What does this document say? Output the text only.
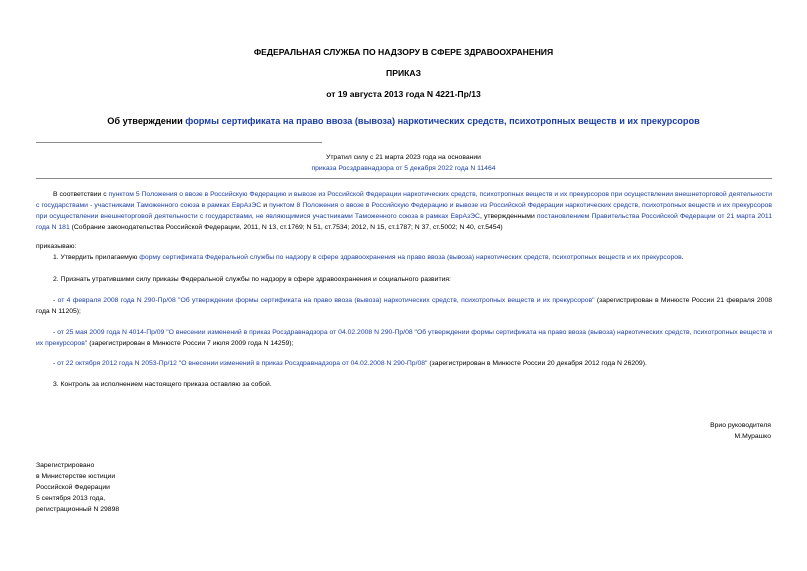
ФЕДЕРАЛЬНАЯ СЛУЖБА ПО НАДЗОРУ В СФЕРЕ ЗДРАВООХРАНЕНИЯ
ПРИКАЗ
от 19 августа 2013 года N 4221-Пр/13
Об утверждении формы сертификата на право ввоза (вывоза) наркотических средств, психотропных веществ и их прекурсоров
Утратил силу с 21 марта 2023 года на основании
приказа Росздравнадзора от 5 декабря 2022 года N 11464
В соответствии с пунктом 5 Положения о ввозе в Российскую Федерацию и вывозе из Российской Федерации наркотических средств, психотропных веществ и их прекурсоров при осуществлении внешнеторговой деятельности с государствами - участниками Таможенного союза в рамках ЕврАзЭС и пунктом 8 Положения о ввозе в Российскую Федерацию и вывозе из Российской Федерации наркотических средств, психотропных веществ и их прекурсоров при осуществлении внешнеторговой деятельности с государствами, не являющимися участниками Таможенного союза в рамках ЕврАзЭС, утвержденными постановлением Правительства Российской Федерации от 21 марта 2011 года N 181 (Собрание законодательства Российской Федерации, 2011, N 13, ст.1769; N 51, ст.7534; 2012, N 15, ст.1787; N 37, ст.5002; N 40, ст.5454)
приказываю:
1. Утвердить прилагаемую форму сертификата Федеральной службы по надзору в сфере здравоохранения на право ввоза (вывоза) наркотических средств, психотропных веществ и их прекурсоров.
2. Признать утратившими силу приказы Федеральной службы по надзору в сфере здравоохранения и социального развития:
- от 4 февраля 2008 года N 290-Пр/08 "Об утверждении формы сертификата на право ввоза (вывоза) наркотических средств, психотропных веществ и их прекурсоров" (зарегистрирован в Минюсте России 21 февраля 2008 года N 11205);
- от 25 мая 2009 года N 4014-Пр/09 "О внесении изменений в приказ Росздравнадзора от 04.02.2008 N 290-Пр/08 "Об утверждении формы сертификата на право ввоза (вывоза) наркотических средств, психотропных веществ и их прекурсоров" (зарегистрирован в Минюсте России 7 июля 2009 года N 14259);
- от 22 октября 2012 года N 2053-Пр/12 "О внесении изменений в приказ Росздравнадзора от 04.02.2008 N 290-Пр/08" (зарегистрирован в Минюсте России 20 декабря 2012 года N 26209).
3. Контроль за исполнением настоящего приказа оставляю за собой.
Врио руководителя
М.Мурашко
Зарегистрировано
в Министерстве юстиции
Российской Федерации
5 сентября 2013 года,
регистрационный N 29898
